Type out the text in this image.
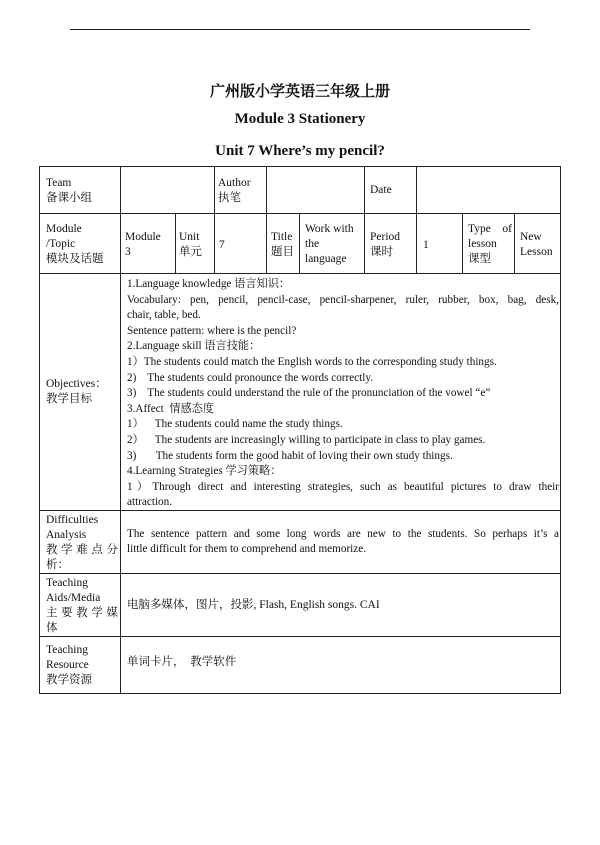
广州版小学英语三年级上册
Module 3 Stationery
Unit 7 Where’s my pencil?
Team
备课小组
Author
执笔
Date
Module
/Topic
模块及话题
Module
3
Unit
单元
7
Title
题目
Work with
the
language
Period
课时
1
Type of
lesson
课型
New
Lesson
Objectives：
教学目标
1.Language knowledge 语言知识：
Vocabulary: pen, pencil, pencil-case, pencil-sharpener, ruler, rubber, box, bag, desk,
chair, table, bed.
Sentence pattern: where is the pencil?
2.Language skill 语言技能：
1）The students could match the English words to the corresponding study things.
2)    The students could pronounce the words correctly.
3)    The students could understand the rule of the pronunciation of the vowel “e”
3.Affect  情感态度
1）    The students could name the study things.
2）    The students are increasingly willing to participate in class to play games.
3)       The students form the good habit of loving their own study things.
4.Learning Strategies 学习策略：
1）Through direct and interesting strategies, such as beautiful pictures to draw their
attraction.
Difficulties
Analysis
教学难点分
析：
The sentence pattern and some long words are new to the students. So perhaps it’s a
little difficult for them to comprehend and memorize.
Teaching
Aids/Media
主要教学媒
体
电脑多媒体，图片，投影, Flash, English songs. CAI
Teaching
Resource
教学资源
单词卡片，  教学软件
